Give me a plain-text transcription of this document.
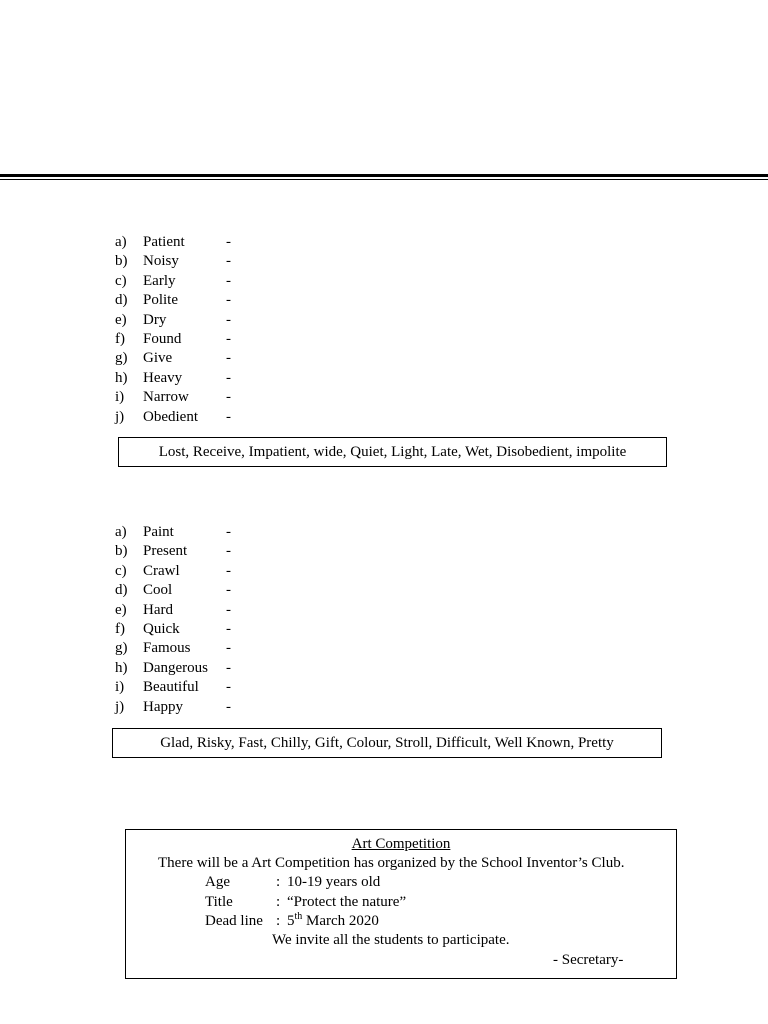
a) Patient	-
b) Noisy	-
c) Early	-
d) Polite	-
e) Dry	-
f) Found	-
g) Give	-
h) Heavy	-
i) Narrow -
j) Obedient -
Lost, Receive, Impatient, wide, Quiet, Light, Late, Wet, Disobedient, impolite
a) Paint	-
b) Present	-
c) Crawl	-
d) Cool	-
e) Hard	-
f) Quick	-
g) Famous -
h) Dangerous -
i) Beautiful -
j) Happy	-
Glad, Risky, Fast, Chilly, Gift, Colour, Stroll, Difficult, Well Known, Pretty
Art Competition
There will be a Art Competition has organized by the School Inventor’s Club.
Age	: 10-19 years old
Title	: “Protect the nature”
Dead line : 5th March 2020
We invite all the students to participate.
- Secretary-
